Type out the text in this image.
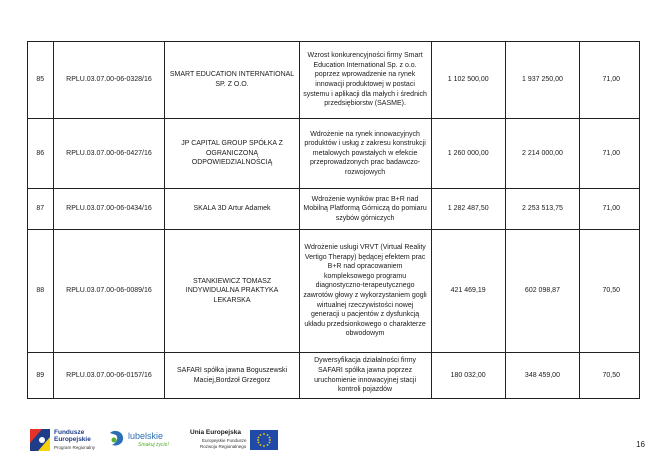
85	RPLU.03.07.00-06-0328/16	SMART EDUCATION INTERNATIONAL SP. Z O.O.	Wzrost konkurencyjności firmy Smart Education International Sp. z o.o. poprzez wprowadzenie na rynek innowacji produktowej w postaci systemu i aplikacji dla małych i średnich przedsiębiorstw (SASME).	1 102 500,00	1 937 250,00	71,00

86	RPLU.03.07.00-06-0427/16	JP CAPITAL GROUP SPÓŁKA Z OGRANICZONĄ ODPOWIEDZIALNOŚCIĄ	Wdrożenie na rynek innowacyjnych produktów i usług z zakresu konstrukcji metalowych powstałych w efekcie przeprowadzonych prac badawczo-rozwojowych	1 260 000,00	2 214 000,00	71,00

87	RPLU.03.07.00-06-0434/16	SKALA 3D Artur Adamek	Wdrożenie wyników prac B+R nad Mobilną Platformą Górniczą do pomiaru szybów górniczych	1 282 487,50	2 253 513,75	71,00

88	RPLU.03.07.00-06-0089/16	STANKIEWICZ TOMASZ INDYWIDUALNA PRAKTYKA LEKARSKA	Wdrożenie usługi VRVT (Virtual Reality Vertigo Therapy) będącej efektem prac B+R nad opracowaniem kompleksowego programu diagnostyczno-terapeutycznego zawrotów głowy z wykorzystaniem gogli wirtualnej rzeczywistości nowej generacji u pacjentów z dysfunkcją układu przedsionkowego o charakterze obwodowym	421 469,19	602 098,87	70,50

89	RPLU.03.07.00-06-0157/16	SAFARI spółka jawna Boguszewski Maciej,Bordzoł Grzegorz	Dywersyfikacja działalności firmy SAFARI spółka jawna poprzez uruchomienie innowacyjnej stacji kontroli pojazdów	180 032,00	348 459,00	70,50
Fundusze
Europejskie
Program Regionalny
lubelskie
Smakuj życie!
Unia Europejska
Europejskie Fundusze
Rozwoju Regionalnego	16
